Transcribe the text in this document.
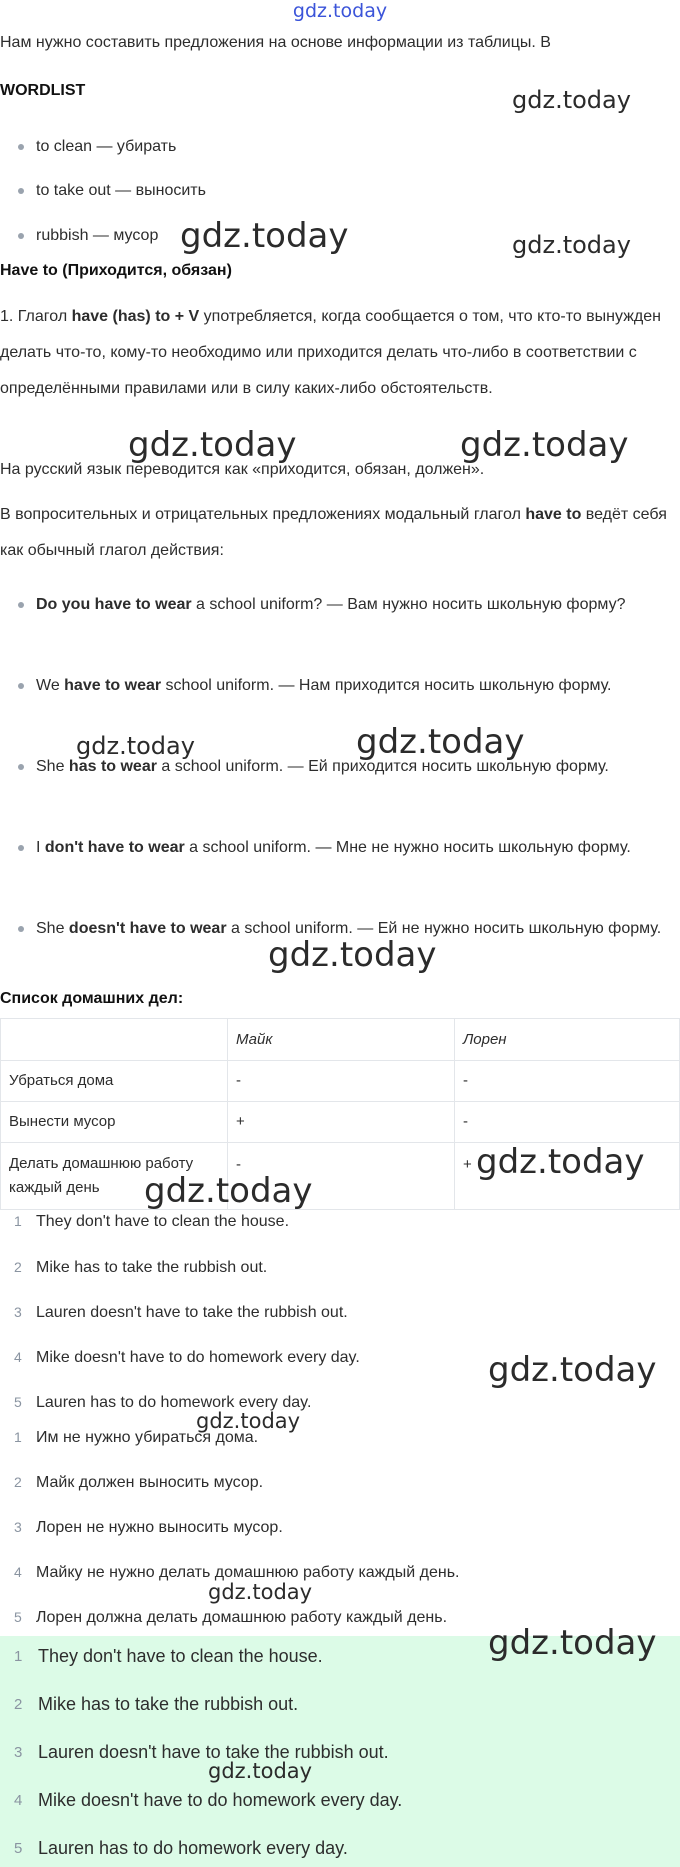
gdz.today
Нам нужно составить предложения на основе информации из таблицы. В
WORDLIST
to clean — убирать
to take out — выносить
rubbish — мусор
Have to (Приходится, обязан)
1. Глагол have (has) to + V употребляется, когда сообщается о том, что кто-то вынужден делать что-то, кому-то необходимо или приходится делать что-либо в соответствии с определёнными правилами или в силу каких-либо обстоятельств.
На русский язык переводится как «приходится, обязан, должен».
В вопросительных и отрицательных предложениях модальный глагол have to ведёт себя как обычный глагол действия:
Do you have to wear a school uniform? — Вам нужно носить школьную форму?
We have to wear school uniform. — Нам приходится носить школьную форму.
She has to wear a school uniform. — Ей приходится носить школьную форму.
I don't have to wear a school uniform. — Мне не нужно носить школьную форму.
She doesn't have to wear a school uniform. — Ей не нужно носить школьную форму.
Список домашних дел:
	Майк	Лорен
Убраться дома	-	-
Вынести мусор	+	-
Делать домашнюю работу каждый день	-	+
1 They don't have to clean the house.
2 Mike has to take the rubbish out.
3 Lauren doesn't have to take the rubbish out.
4 Mike doesn't have to do homework every day.
5 Lauren has to do homework every day.
1 Им не нужно убираться дома.
2 Майк должен выносить мусор.
3 Лорен не нужно выносить мусор.
4 Майку не нужно делать домашнюю работу каждый день.
5 Лорен должна делать домашнюю работу каждый день.
1 They don't have to clean the house.
2 Mike has to take the rubbish out.
3 Lauren doesn't have to take the rubbish out.
4 Mike doesn't have to do homework every day.
5 Lauren has to do homework every day.
gdz.today
gdz.today	gdz.today
gdz.today	gdz.today
gdz.today	gdz.today
gdz.today
gdz.today
gdz.today
gdz.today
gdz.today
gdz.today
gdz.today
gdz.today
